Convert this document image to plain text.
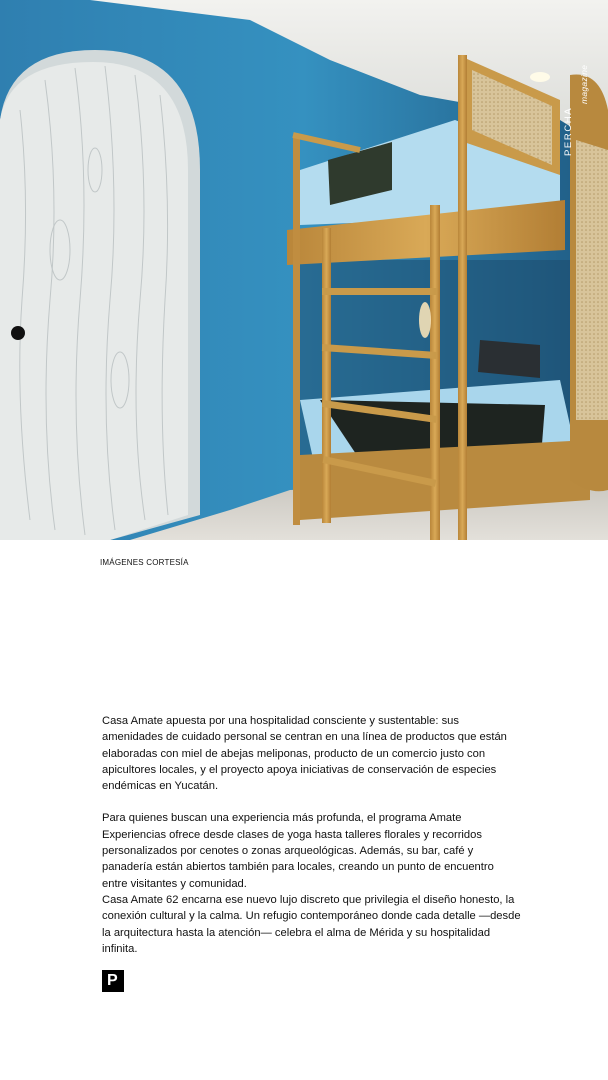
PERCHA
magazine
IMÁGENES CORTESÍA

Casa Amate apuesta por una hospitalidad consciente y sustentable: sus amenidades de cuidado personal se centran en una línea de productos que están elaboradas con miel de abejas meliponas, producto de un comercio justo con apicultores locales, y el proyecto apoya iniciativas de conservación de especies endémicas en Yucatán.

Para quienes buscan una experiencia más profunda, el programa Amate Experiencias ofrece desde clases de yoga hasta talleres florales y recorridos personalizados por cenotes o zonas arqueológicas. Además, su bar, café y panadería están abiertos también para locales, creando un punto de encuentro entre visitantes y comunidad.

Casa Amate 62 encarna ese nuevo lujo discreto que privilegia el diseño honesto, la conexión cultural y la calma. Un refugio contemporáneo donde cada detalle —desde la arquitectura hasta la atención— celebra el alma de Mérida y su hospitalidad infinita.

P
